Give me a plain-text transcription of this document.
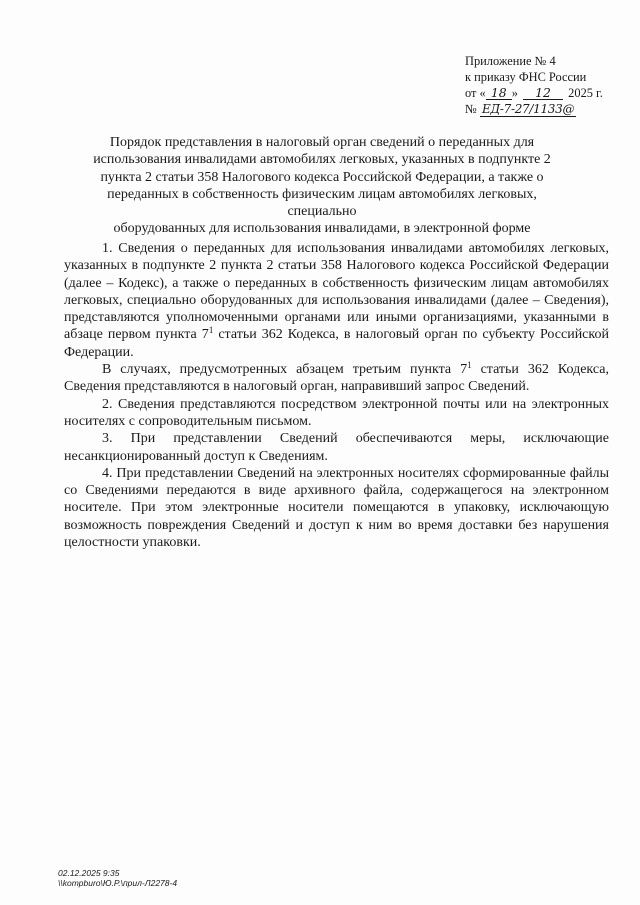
Приложение № 4
к приказу ФНС России
от « 18 » 12 2025 г.
№ ЕД-7-27/1133@
Порядок представления в налоговый орган сведений о переданных для
использования инвалидами автомобилях легковых, указанных в подпункте 2
пункта 2 статьи 358 Налогового кодекса Российской Федерации, а также о
переданных в собственность физическим лицам автомобилях легковых, специально
оборудованных для использования инвалидами, в электронной форме

1. Сведения о переданных для использования инвалидами автомобилях легковых, указанных в подпункте 2 пункта 2 статьи 358 Налогового кодекса Российской Федерации (далее – Кодекс), а также о переданных в собственность физическим лицам автомобилях легковых, специально оборудованных для использования инвалидами (далее – Сведения), представляются уполномоченными органами или иными организациями, указанными в абзаце первом пункта $7^1$ статьи 362 Кодекса, в налоговый орган по субъекту Российской Федерации.

В случаях, предусмотренных абзацем третьим пункта $7^1$ статьи 362 Кодекса, Сведения представляются в налоговый орган, направивший запрос Сведений.

2. Сведения представляются посредством электронной почты или на электронных носителях с сопроводительным письмом.

3. При представлении Сведений обеспечиваются меры, исключающие несанкционированный доступ к Сведениям.

4. При представлении Сведений на электронных носителях сформированные файлы со Сведениями передаются в виде архивного файла, содержащегося на электронном носителе. При этом электронные носители помещаются в упаковку, исключающую возможность повреждения Сведений и доступ к ним во время доставки без нарушения целостности упаковки.

02.12.2025 9:35
\\kompburo\Ю.Р.\прил-Л2278-4
